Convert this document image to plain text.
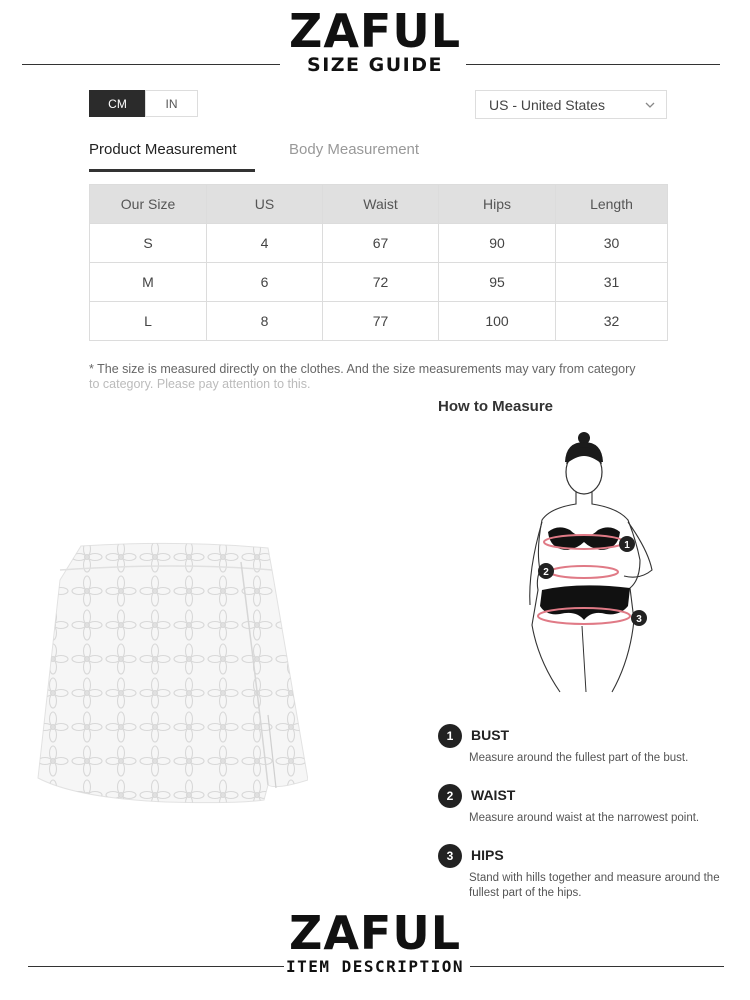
ZAFUL
SIZE GUIDE
CM	IN	US - United States
Product Measurement	Body Measurement
Our Size	US	Waist	Hips	Length
S	4	67	90	30
M	6	72	95	31
L	8	77	100	32
* The size is measured directly on the clothes. And the size measurements may vary from category
to category. Please pay attention to this.
How to Measure
1
2
3
1	BUST
Measure around the fullest part of the bust.
2	WAIST
Measure around waist at the narrowest point.
3	HIPS
Stand with hills together and measure around the fullest part of the hips.
ZAFUL
ITEM DESCRIPTION
